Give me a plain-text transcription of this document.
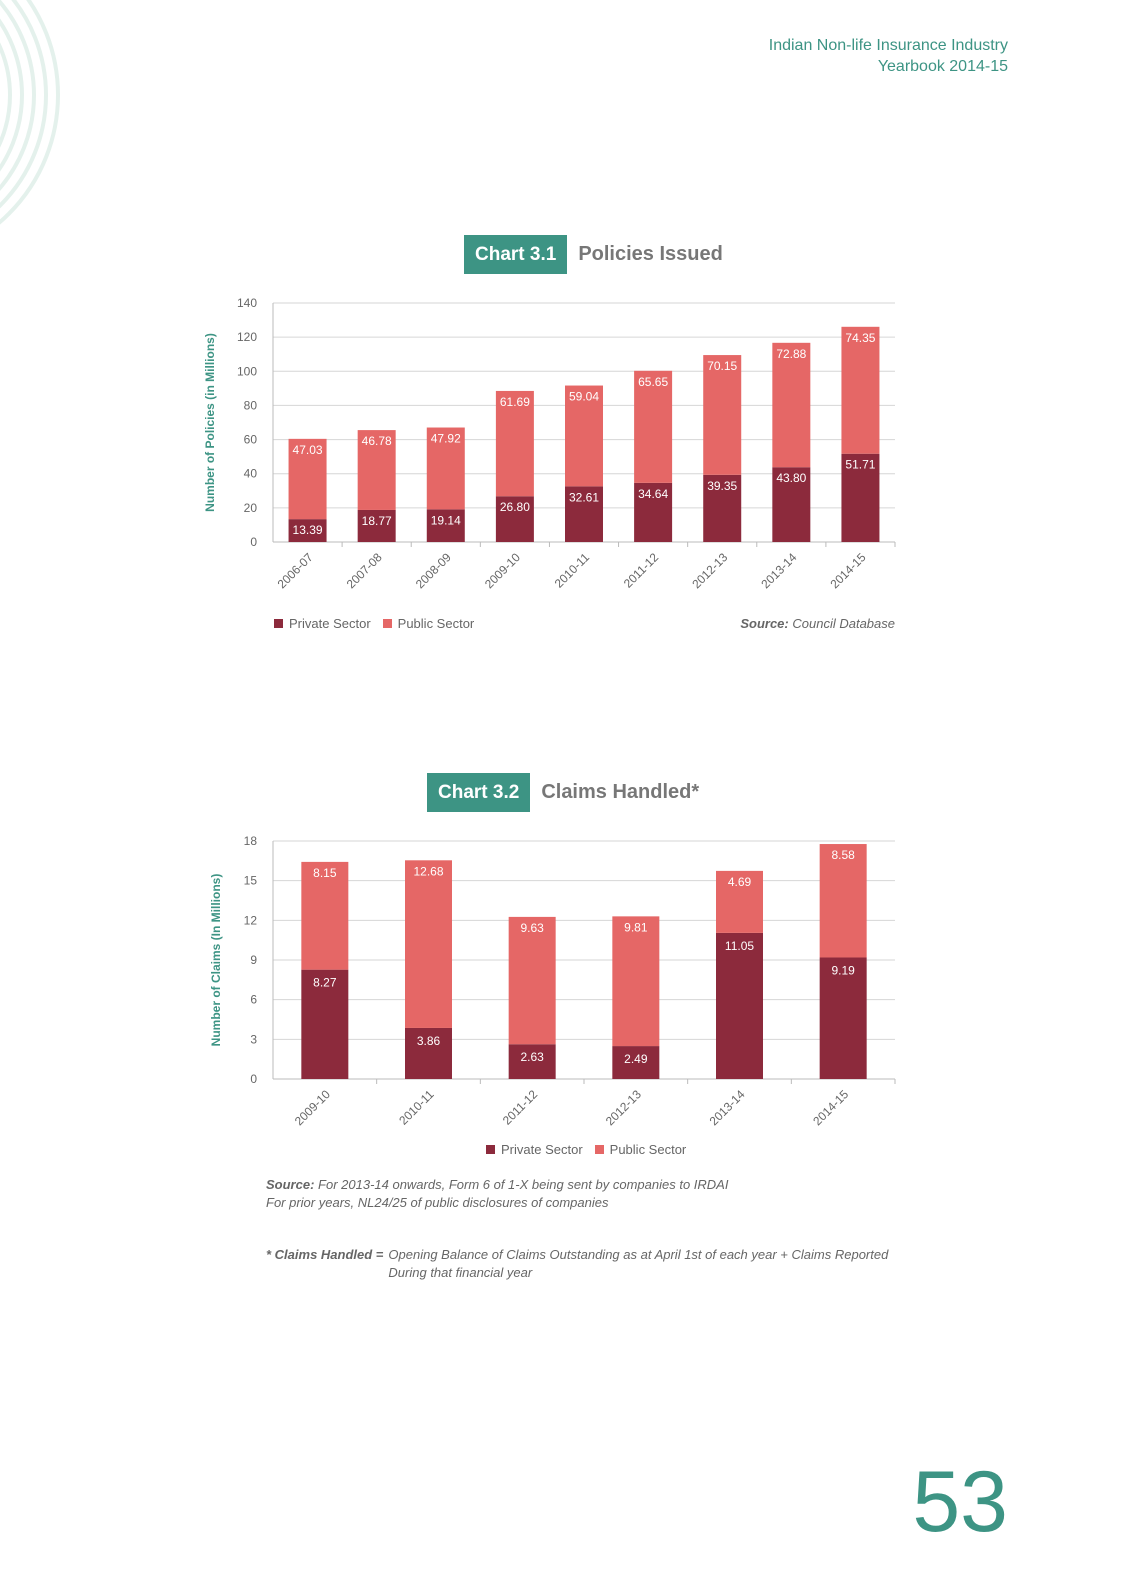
Indian Non-life Insurance Industry
Yearbook 2014-15
Chart 3.1	Policies Issued
0
20
40
60
80
100
120
140
Number of Policies (in Millions)
13.39
47.03
2006-07
18.77
46.78
2007-08
19.14
47.92
2008-09
26.80
61.69
2009-10
32.61
59.04
2010-11
34.64
65.65
2011-12
39.35
70.15
2012-13
43.80
72.88
2013-14
51.71
74.35
2014-15
Private Sector Public Sector	Source: Council Database
Chart 3.2	Claims Handled*
0
3
6
9
12
15
18
Number of Claims (In Millions)	8.27
8.15
2009-10
3.86
12.68
2010-11
2.63
9.63
2011-12
2.49
9.81
2012-13
11.05
4.69
2013-14
9.19
8.58
2014-15
Private Sector Public Sector
Source: For 2013-14 onwards, Form 6 of 1-X being sent by companies to IRDAI
For prior years, NL24/25 of public disclosures of companies
* Claims Handled = Opening Balance of Claims Outstanding as at April 1st of each year + Claims Reported
During that financial year
53
